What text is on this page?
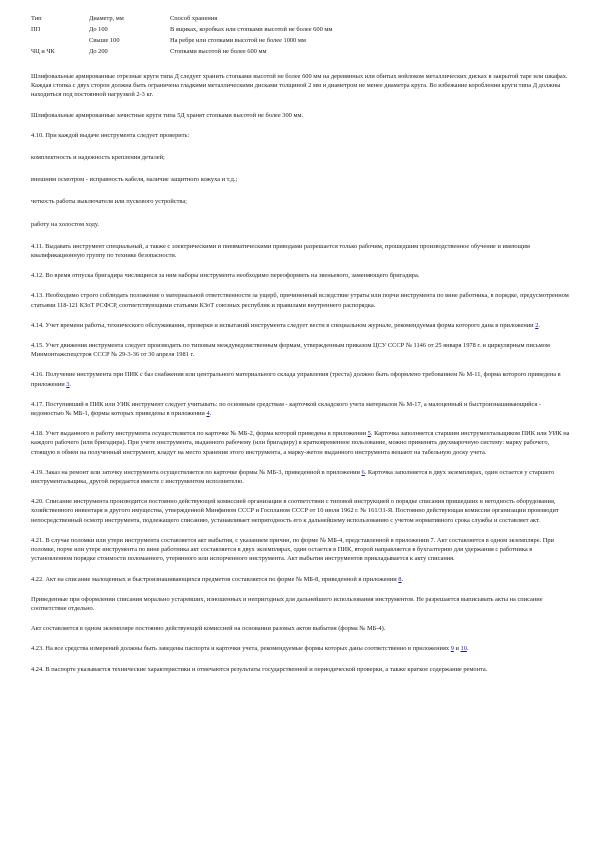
Тип	Диаметр, мм	Способ хранения
ПП	До 100	В ящиках, коробках или стопками высотой не более 600 мм
	Свыше 100	На ребре или стопками высотой не более 1000 мм
ЧЦ и ЧК	До 200	Стопками высотой не более 600 мм

Шлифовальные армированные отрезные круги типа Д следует хранить стопками высотой не более 600 мм на деревянных или обитых войлоком металлических дисках в закрытой таре или шкафах. Каждая стопка с двух сторон должна быть ограничена гладкими металлическими дисками толщиной 2 мм и диаметром не менее диаметра круга. Во избежание коробления круги типа Д должны находиться под постоянной нагрузкой 2-3 кг.

Шлифовальные армированные зачистные круги типа 5Д хранят стопками высотой не более 300 мм.

4.10. При каждой выдаче инструмента следует проверить:

комплектность и надежность крепления деталей;

внешним осмотром - исправность кабеля, наличие защитного кожуха и т.д.;

четкость работы выключателя или пускового устройства;

работу на холостом ходу.

4.11. Выдавать инструмент специальный, а также с электрическими и пневматическими приводами разрешается только рабочим, прошедшим производственное обучение и имеющим квалификационную группу по технике безопасности.

4.12. Во время отпуска бригадира числящиеся за ним наборы инструмента необходимо переоформить на звеньевого, заменяющего бригадира.

4.13. Необходимо строго соблюдать положение о материальной ответственности за ущерб, причиненный вследствие утраты или порчи инструмента по вине работника, в порядке, предусмотренном статьями 118-121 КЗоТ РСФСР, соответствующими статьями КЗоТ союзных республик и правилами внутреннего распорядка.

4.14. Учет времени работы, технического обслуживания, проверки и испытаний инструмента следует вести в специальном журнале, рекомендуемая форма которого дана в приложении 2.

4.15. Учет движения инструмента следует производить по типовым междуведомственным формам, утвержденным приказом ЦСУ СССР № 1146 от 25 января 1978 г. и циркулярным письмом Минмонтажспецстроя СССР № 29-3-36 от 30 апреля 1981 г.

4.16. Получение инструмента при ПИК с баз снабжения или центрального материального склада управления (треста) должно быть оформлено требованием № М-11, форма которого приведена в приложении 3.

4.17. Поступивший в ПИК или УИК инструмент следует учитывать: по основным средствам - карточкой складского учета материалов № М-17, а малоценный и быстроизнашивающийся - ведомостью № МБ-1, формы которых приведены в приложении 4.

4.18. Учет выданного в работу инструмента осуществляется по карточке № МБ-2, форма которой приведена в приложении 5. Карточка заполняется старшим инструментальщиком ПИК или УИК на каждого рабочего (или бригадира). При учете инструмента, выданного рабочему (или бригадиру) в кратковременное пользование, можно применять двухмарочную систему: марку рабочего, стоящую в обмен на полученный инструмент, кладут на место хранения этого инструмента, а марку-жетон выданного инструмента вешают на табельную доску учета.

4.19. Заказ на ремонт или заточку инструмента осуществляется по карточке формы № МБ-3, приведенной в приложении 6. Карточка заполняется в двух экземплярах, один остается у старшего инструментальщика, другой передается вместе с инструментом исполнителю.

4.20. Списание инструмента производится постоянно действующей комиссией организации в соответствии с типовой инструкцией о порядке списания пришедших в негодность оборудования, хозяйственного инвентаря и другого имущества, утвержденной Минфином СССР и Госпланом СССР от 10 июля 1962 г. № 161/31-Я. Постоянно действующая комиссия организации производит непосредственный осмотр инструмента, подлежащего списанию, устанавливает непригодность его к дальнейшему использованию с учетом нормативного срока службы и составляет акт.

4.21. В случае поломки или утери инструмента составляется акт выбытия, с указанием причин, по форме № МБ-4, представленной в приложении 7. Акт составляется в одном экземпляре. При поломке, порче или утере инструмента по вине работника акт составляется в двух экземплярах, один остается в ПИК, второй направляется в бухгалтерию для удержания с работника в установленном порядке стоимости поломанного, утерянного или испорченного инструмента. Акт выбытия инструментов прикладывается к акту списания.

4.22. Акт на списание малоценных и быстроизнашивающихся предметов составляется по форме № МБ-8, приведенной в приложении 8.

Приведенные при оформлении списания морально устаревших, изношенных и непригодных для дальнейшего использования инструментов. Не разрешается выписывать акты на списание соответствие отдельно.

Акт составляется в одном экземпляре постоянно действующей комиссией на основании разовых актов выбытия (форма № МБ-4).

4.23. На все средства измерений должны быть заведены паспорта и карточки учета, рекомендуемые формы которых даны соответственно в приложениях 9 и 10.

4.24. В паспорте указывается технические характеристики и отмечаются результаты государственной и периодической проверки, а также краткое содержание ремонта.
